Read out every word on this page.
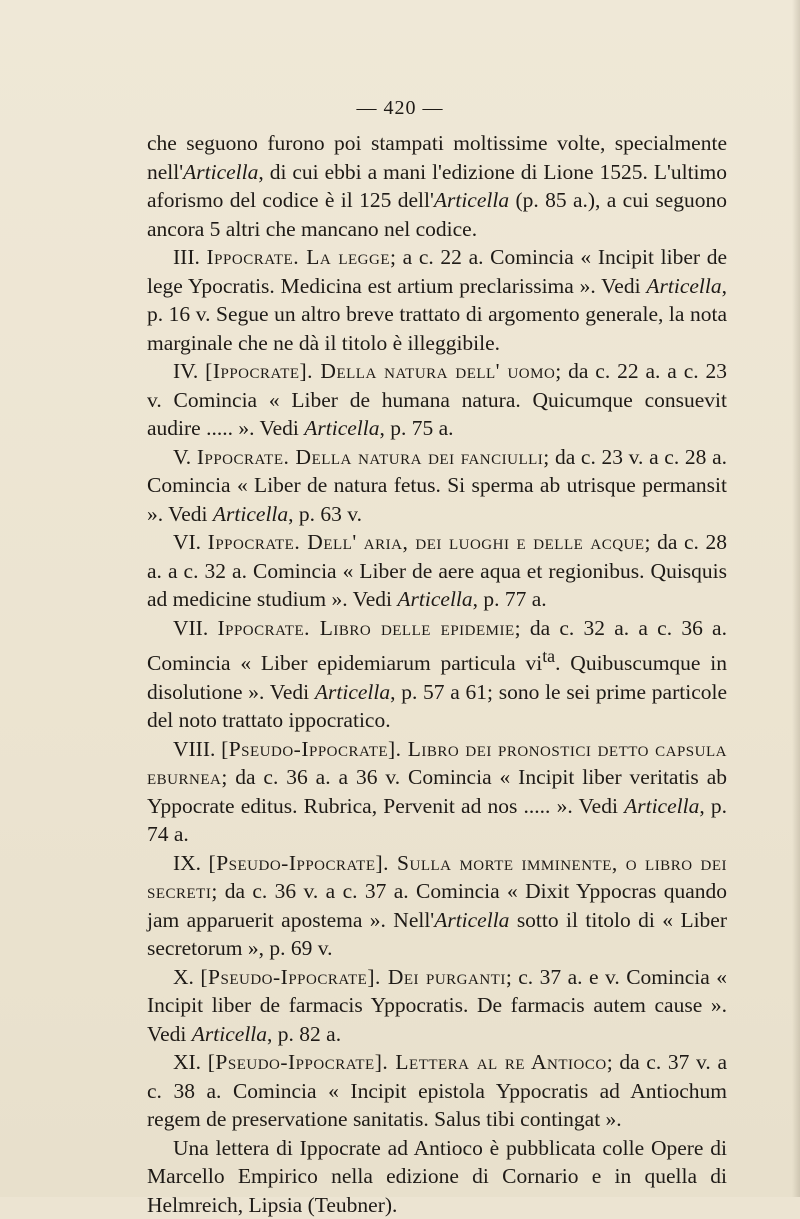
— 420 —

che seguono furono poi stampati moltissime volte, specialmente nell'Articella, di cui ebbi a mani l'edizione di Lione 1525. L'ultimo aforismo del codice è il 125 dell'Articella (p. 85 a.), a cui seguono ancora 5 altri che mancano nel codice.

III. Ippocrate. La legge; a c. 22 a. Comincia « Incipit liber de lege Ypocratis. Medicina est artium preclarissima ». Vedi Articella, p. 16 v. Segue un altro breve trattato di argomento generale, la nota marginale che ne dà il titolo è illeggibile.

IV. [Ippocrate]. Della natura dell' uomo; da c. 22 a. a c. 23 v. Comincia « Liber de humana natura. Quicumque consuevit audire ..... ». Vedi Articella, p. 75 a.

V. Ippocrate. Della natura dei fanciulli; da c. 23 v. a c. 28 a. Comincia « Liber de natura fetus. Si sperma ab utrisque permansit ». Vedi Articella, p. 63 v.

VI. Ippocrate. Dell' aria, dei luoghi e delle acque; da c. 28 a. a c. 32 a. Comincia « Liber de aere aqua et regionibus. Quisquis ad medicine studium ». Vedi Articella, p. 77 a.

VII. Ippocrate. Libro delle epidemie; da c. 32 a. a c. 36 a. Comincia « Liber epidemiarum particula $vi^{ta}$. Quibuscumque in disolutione ». Vedi Articella, p. 57 a 61; sono le sei prime particole del noto trattato ippocratico.

VIII. [Pseudo-Ippocrate]. Libro dei pronostici detto capsula eburnea; da c. 36 a. a 36 v. Comincia « Incipit liber veritatis ab Yppocrate editus. Rubrica, Pervenit ad nos ..... ». Vedi Articella, p. 74 a.

IX. [Pseudo-Ippocrate]. Sulla morte imminente, o libro dei secreti; da c. 36 v. a c. 37 a. Comincia « Dixit Yppocras quando jam apparuerit apostema ». Nell'Articella sotto il titolo di « Liber secretorum », p. 69 v.

X. [Pseudo-Ippocrate]. Dei purganti; c. 37 a. e v. Comincia « Incipit liber de farmacis Yppocratis. De farmacis autem cause ». Vedi Articella, p. 82 a.

XI. [Pseudo-Ippocrate]. Lettera al re Antioco; da c. 37 v. a c. 38 a. Comincia « Incipit epistola Yppocratis ad Antiochum regem de preservatione sanitatis. Salus tibi contingat ».

Una lettera di Ippocrate ad Antioco è pubblicata colle Opere di Marcello Empirico nella edizione di Cornario e in quella di Helmreich, Lipsia (Teubner).
